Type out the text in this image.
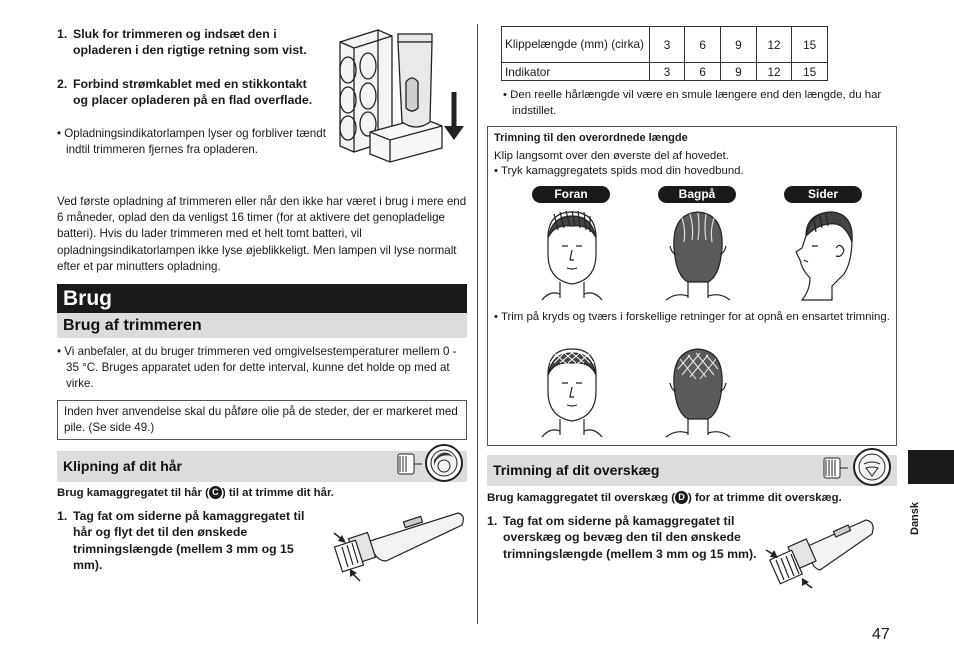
1. Sluk for trimmeren og indsæt den i opladeren i den rigtige retning som vist.
2. Forbind strømkablet med en stikkontakt og placer opladeren på en flad overflade.
• Opladningsindikatorlampen lyser og forbliver tændt indtil trimmeren fjernes fra opladeren.
Ved første opladning af trimmeren eller når den ikke har været i brug i mere end 6 måneder, oplad den da venligst 16 timer (for at aktivere det genopladelige batteri). Hvis du lader trimmeren med et helt tomt batteri, vil opladningsindikatorlampen ikke lyse øjeblikkeligt. Men lampen vil lyse normalt efter et par minutters opladning.
Brug
Brug af trimmeren
• Vi anbefaler, at du bruger trimmeren ved omgivelsestemperaturer mellem 0 - 35 °C. Bruges apparatet uden for dette interval, kunne det holde op med at virke.
Inden hver anvendelse skal du påføre olie på de steder, der er markeret med pile. (Se side 49.)
Klipning af dit hår
Brug kamaggregatet til hår ( C ) til at trimme dit hår.
1. Tag fat om siderne på kamaggregatet til hår og flyt det til den ønskede trimningslængde (mellem 3 mm og 15 mm).
Klippelængde (mm) (cirka)	3	6	9	12	15
Indikator	3	6	9	12	15
• Den reelle hårlængde vil være en smule længere end den længde, du har indstillet.
Trimning til den overordnede længde
Klip langsomt over den øverste del af hovedet.
• Tryk kamaggregatets spids mod din hovedbund.
Foran	Bagpå	Sider
• Trim på kryds og tværs i forskellige retninger for at opnå en ensartet trimning.
Trimning af dit overskæg
Brug kamaggregatet til overskæg ( D ) for at trimme dit overskæg.
1. Tag fat om siderne på kamaggregatet til overskæg og bevæg den til den ønskede trimningslængde (mellem 3 mm og 15 mm).
Dansk
47
